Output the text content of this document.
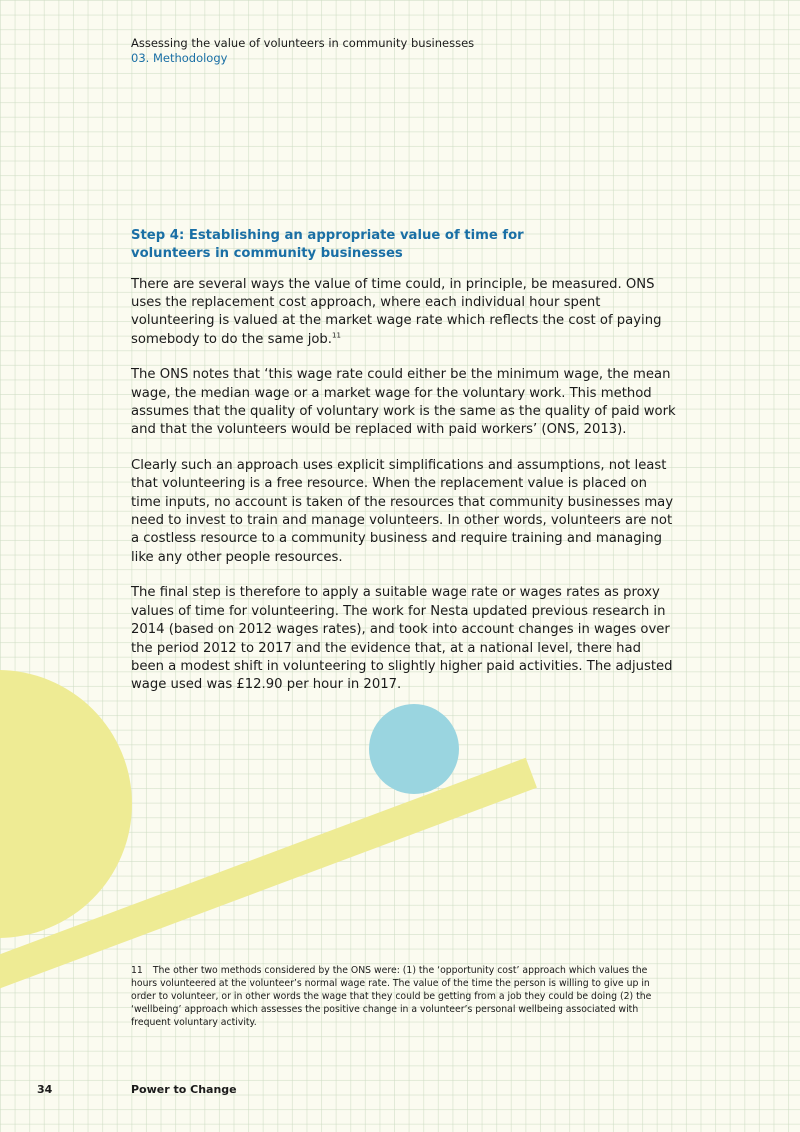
Assessing the value of volunteers in community businesses
03. Methodology
Step 4: Establishing an appropriate value of time for volunteers in community businesses

There are several ways the value of time could, in principle, be measured. ONS uses the replacement cost approach, where each individual hour spent volunteering is valued at the market wage rate which reflects the cost of paying somebody to do the same job.$^{11}$

The ONS notes that ‘this wage rate could either be the minimum wage, the mean wage, the median wage or a market wage for the voluntary work. This method assumes that the quality of voluntary work is the same as the quality of paid work and that the volunteers would be replaced with paid workers’ (ONS, 2013).

Clearly such an approach uses explicit simplifications and assumptions, not least that volunteering is a free resource. When the replacement value is placed on time inputs, no account is taken of the resources that community businesses may need to invest to train and manage volunteers. In other words, volunteers are not a costless resource to a community business and require training and managing like any other people resources.

The final step is therefore to apply a suitable wage rate or wages rates as proxy values of time for volunteering. The work for Nesta updated previous research in 2014 (based on 2012 wages rates), and took into account changes in wages over the period 2012 to 2017 and the evidence that, at a national level, there had been a modest shift in volunteering to slightly higher paid activities. The adjusted wage used was £12.90 per hour in 2017.

11 The other two methods considered by the ONS were: (1) the ‘opportunity cost’ approach which values the hours volunteered at the volunteer’s normal wage rate. The value of the time the person is willing to give up in order to volunteer, or in other words the wage that they could be getting from a job they could be doing (2) the ‘wellbeing’ approach which assesses the positive change in a volunteer’s personal wellbeing associated with frequent voluntary activity.
34	Power to Change
